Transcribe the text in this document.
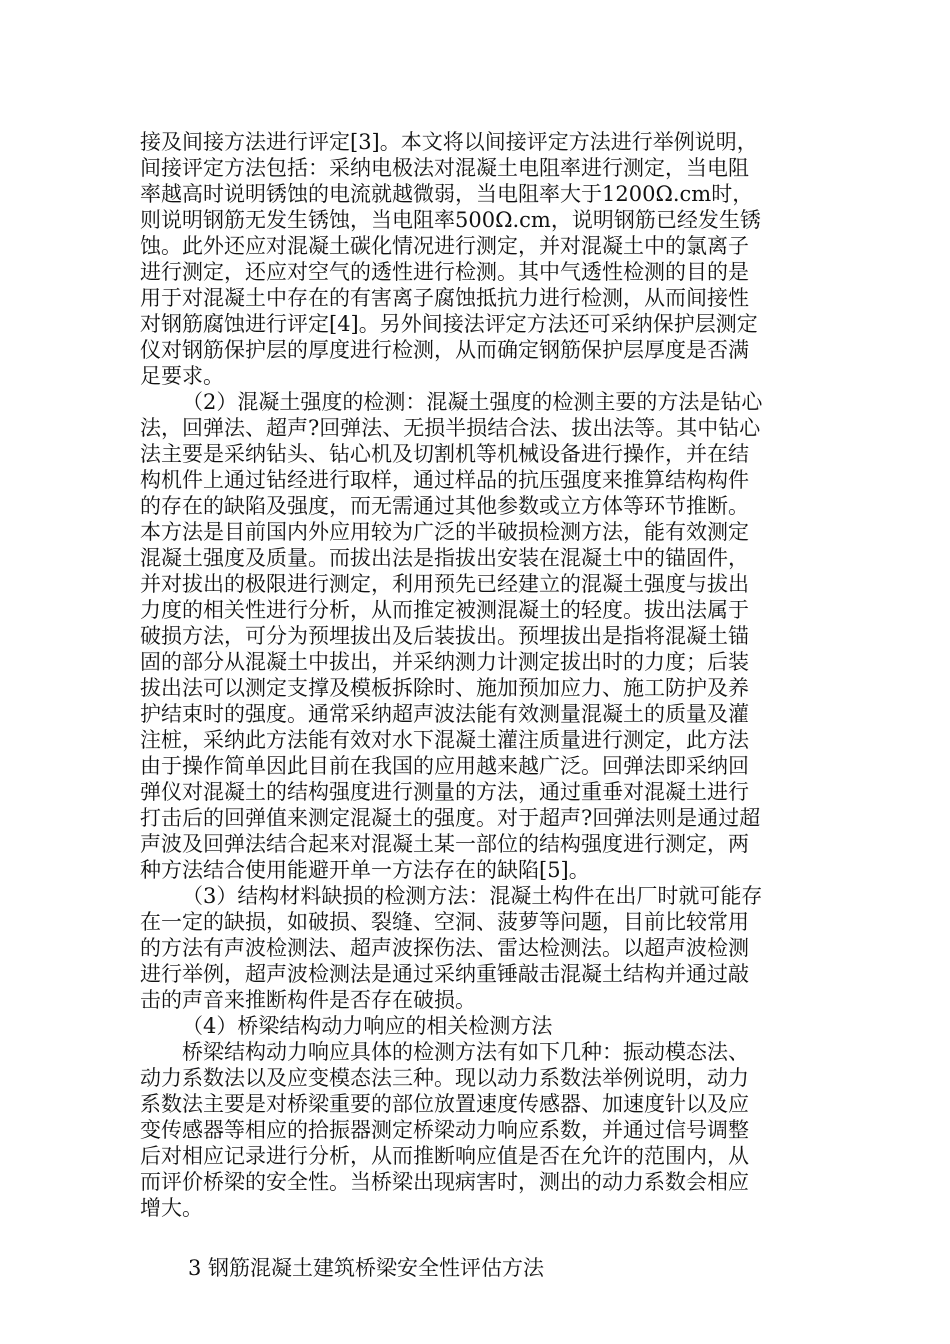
接及间接方法进行评定[3]。本文将以间接评定方法进行举例说明，
间接评定方法包括：采纳电极法对混凝土电阻率进行测定，当电阻
率越高时说明锈蚀的电流就越微弱，当电阻率大于1200Ω.cm时，
则说明钢筋无发生锈蚀，当电阻率500Ω.cm，说明钢筋已经发生锈
蚀。此外还应对混凝土碳化情况进行测定，并对混凝土中的氯离子
进行测定，还应对空气的透性进行检测。其中气透性检测的目的是
用于对混凝土中存在的有害离子腐蚀抵抗力进行检测，从而间接性
对钢筋腐蚀进行评定[4]。另外间接法评定方法还可采纳保护层测定
仪对钢筋保护层的厚度进行检测，从而确定钢筋保护层厚度是否满
足要求。
（2）混凝土强度的检测：混凝土强度的检测主要的方法是钻心
法，回弹法、超声?回弹法、无损半损结合法、拔出法等。其中钻心
法主要是采纳钻头、钻心机及切割机等机械设备进行操作，并在结
构机件上通过钻经进行取样，通过样品的抗压强度来推算结构构件
的存在的缺陷及强度，而无需通过其他参数或立方体等环节推断。
本方法是目前国内外应用较为广泛的半破损检测方法，能有效测定
混凝土强度及质量。而拔出法是指拔出安装在混凝土中的锚固件，
并对拔出的极限进行测定，利用预先已经建立的混凝土强度与拔出
力度的相关性进行分析，从而推定被测混凝土的轻度。拔出法属于
破损方法，可分为预埋拔出及后装拔出。预埋拔出是指将混凝土锚
固的部分从混凝土中拔出，并采纳测力计测定拔出时的力度；后装
拔出法可以测定支撑及模板拆除时、施加预加应力、施工防护及养
护结束时的强度。通常采纳超声波法能有效测量混凝土的质量及灌
注桩，采纳此方法能有效对水下混凝土灌注质量进行测定，此方法
由于操作简单因此目前在我国的应用越来越广泛。回弹法即采纳回
弹仪对混凝土的结构强度进行测量的方法，通过重垂对混凝土进行
打击后的回弹值来测定混凝土的强度。对于超声?回弹法则是通过超
声波及回弹法结合起来对混凝土某一部位的结构强度进行测定，两
种方法结合使用能避开单一方法存在的缺陷[5]。
（3）结构材料缺损的检测方法：混凝土构件在出厂时就可能存
在一定的缺损，如破损、裂缝、空洞、菠萝等问题，目前比较常用
的方法有声波检测法、超声波探伤法、雷达检测法。以超声波检测
进行举例，超声波检测法是通过采纳重锤敲击混凝土结构并通过敲
击的声音来推断构件是否存在破损。
（4）桥梁结构动力响应的相关检测方法
桥梁结构动力响应具体的检测方法有如下几种：振动模态法、
动力系数法以及应变模态法三种。现以动力系数法举例说明，动力
系数法主要是对桥梁重要的部位放置速度传感器、加速度针以及应
变传感器等相应的拾振器测定桥梁动力响应系数，并通过信号调整
后对相应记录进行分析，从而推断响应值是否在允许的范围内，从
而评价桥梁的安全性。当桥梁出现病害时，测出的动力系数会相应
增大。
3 钢筋混凝土建筑桥梁安全性评估方法
